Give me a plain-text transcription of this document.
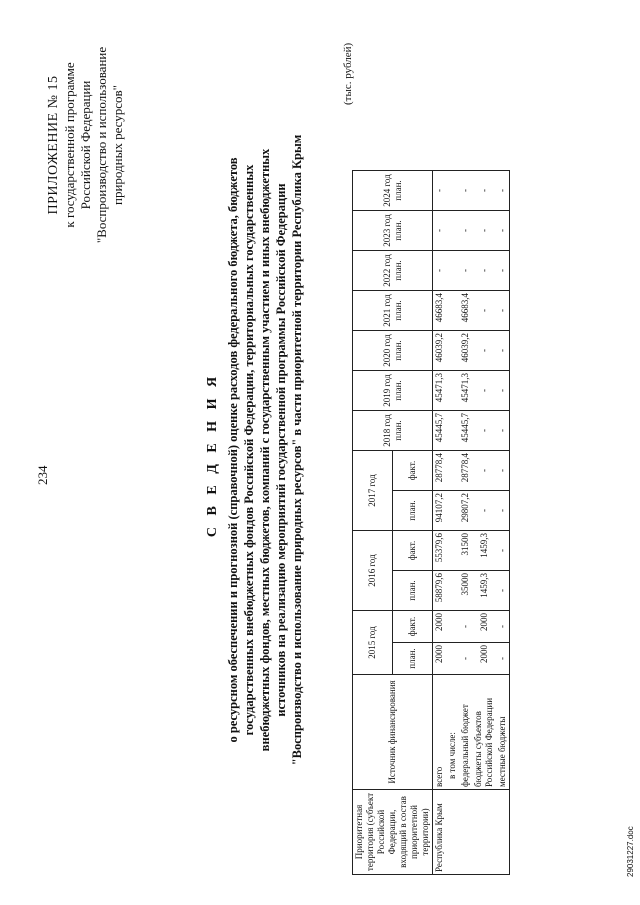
234
ПРИЛОЖЕНИЕ № 15 к государственной программе Российской Федерации "Воспроизводство и использование природных ресурсов"
С В Е Д Е Н И Я о ресурсном обеспечении и прогнозной (справочной) оценке расходов федерального бюджета, бюджетов государственных внебюджетных фондов Российской Федерации, территориальных государственных внебюджетных фондов, местных бюджетов, компаний с государственным участием и иных внебюджетных источников на реализацию мероприятий государственной программы Российской Федерации "Воспроизводство и использование природных ресурсов" в части приоритетной территории Республика Крым
(тыс. рублей)
Приоритетная территория (субъект Российской Федерации, входящий в состав приоритетной территории)	Источник финансирования	2015 год		2016 год		2017 год		2018 год план.	2019 год план.	2020 год план.	2021 год план.	2022 год план.	2023 год план.	2024 год план.
		план.	факт.	план.	факт.	план.	факт.							
Республика Крым	всего	2000	2000	58879,6	55379,6	94107,2	28778,4	45445,7	45471,3	46039,2	46683,4	-	-	-
	в том числе:													
	федеральный бюджет	-	-	35000	31500	29807,2	28778,4	45445,7	45471,3	46039,2	46683,4	-	-	-
	бюджеты субъектов Российской Федерации	2000	2000	1459,3	1459,3	-	-	-	-	-	-	-	-	-
	местные бюджеты	-	-	-	-	-	-	-	-	-	-	-	-	-
29031227.doc
